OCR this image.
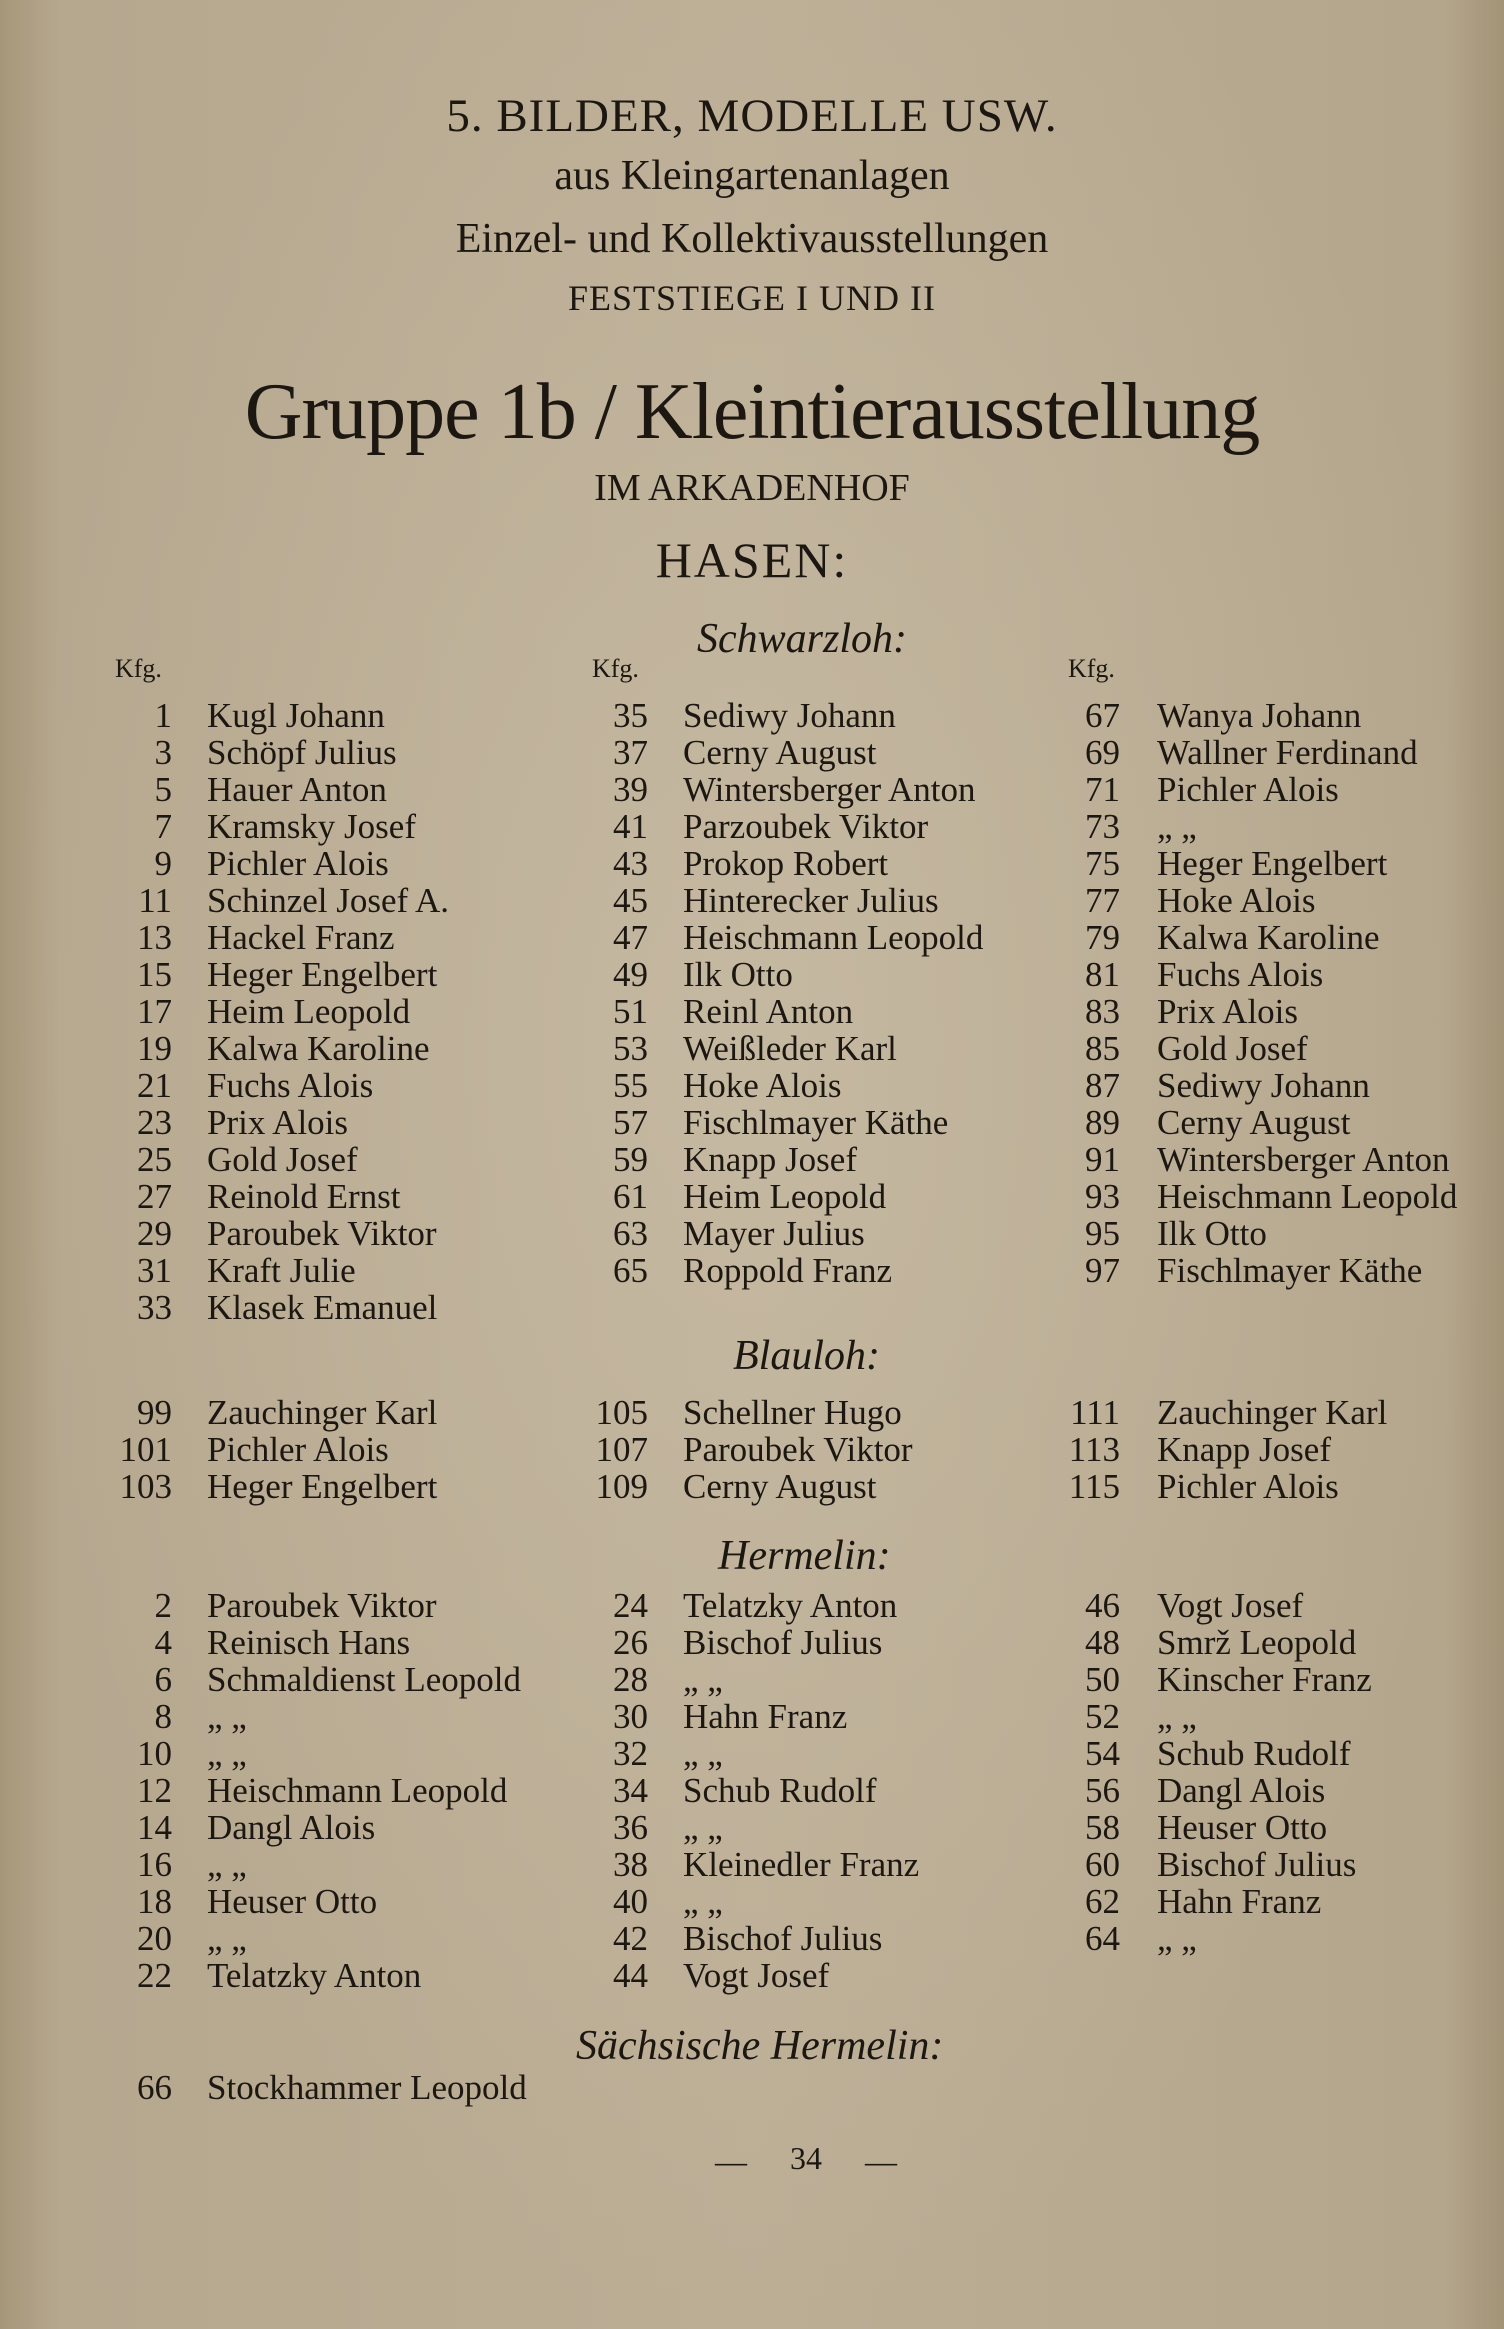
5. BILDER, MODELLE USW.
aus Kleingartenanlagen
Einzel- und Kollektivausstellungen
FESTSTIEGE I UND II
Gruppe 1b / Kleintierausstellung
IM ARKADENHOF
HASEN:
Kfg.	Kfg.	Kfg.
Schwarzloh:
1 Kugl Johann
3 Schöpf Julius
5 Hauer Anton
7 Kramsky Josef
9 Pichler Alois
11 Schinzel Josef A.
13 Hackel Franz
15 Heger Engelbert
17 Heim Leopold
19 Kalwa Karoline
21 Fuchs Alois
23 Prix Alois
25 Gold Josef
27 Reinold Ernst
29 Paroubek Viktor
31 Kraft Julie
33 Klasek Emanuel
35 Sediwy Johann
37 Cerny August
39 Wintersberger Anton
41 Parzoubek Viktor
43 Prokop Robert
45 Hinterecker Julius
47 Heischmann Leopold
49 Ilk Otto
51 Reinl Anton
53 Weißleder Karl
55 Hoke Alois
57 Fischlmayer Käthe
59 Knapp Josef
61 Heim Leopold
63 Mayer Julius
65 Roppold Franz
67 Wanya Johann
69 Wallner Ferdinand
71 Pichler Alois
73 „ „
75 Heger Engelbert
77 Hoke Alois
79 Kalwa Karoline
81 Fuchs Alois
83 Prix Alois
85 Gold Josef
87 Sediwy Johann
89 Cerny August
91 Wintersberger Anton
93 Heischmann Leopold
95 Ilk Otto
97 Fischlmayer Käthe
Blauloh:
99 Zauchinger Karl
101 Pichler Alois
103 Heger Engelbert
105 Schellner Hugo
107 Paroubek Viktor
109 Cerny August
111 Zauchinger Karl
113 Knapp Josef
115 Pichler Alois
Hermelin:
2 Paroubek Viktor
4 Reinisch Hans
6 Schmaldienst Leopold
8 „ „
10 „ „
12 Heischmann Leopold
14 Dangl Alois
16 „ „
18 Heuser Otto
20 „ „
22 Telatzky Anton
24 Telatzky Anton
26 Bischof Julius
28 „ „
30 Hahn Franz
32 „ „
34 Schub Rudolf
36 „ „
38 Kleinedler Franz
40 „ „
42 Bischof Julius
44 Vogt Josef
46 Vogt Josef
48 Smrž Leopold
50 Kinscher Franz
52 „ „
54 Schub Rudolf
56 Dangl Alois
58 Heuser Otto
60 Bischof Julius
62 Hahn Franz
64 „ „
Sächsische Hermelin:
66 Stockhammer Leopold
— 34 —
